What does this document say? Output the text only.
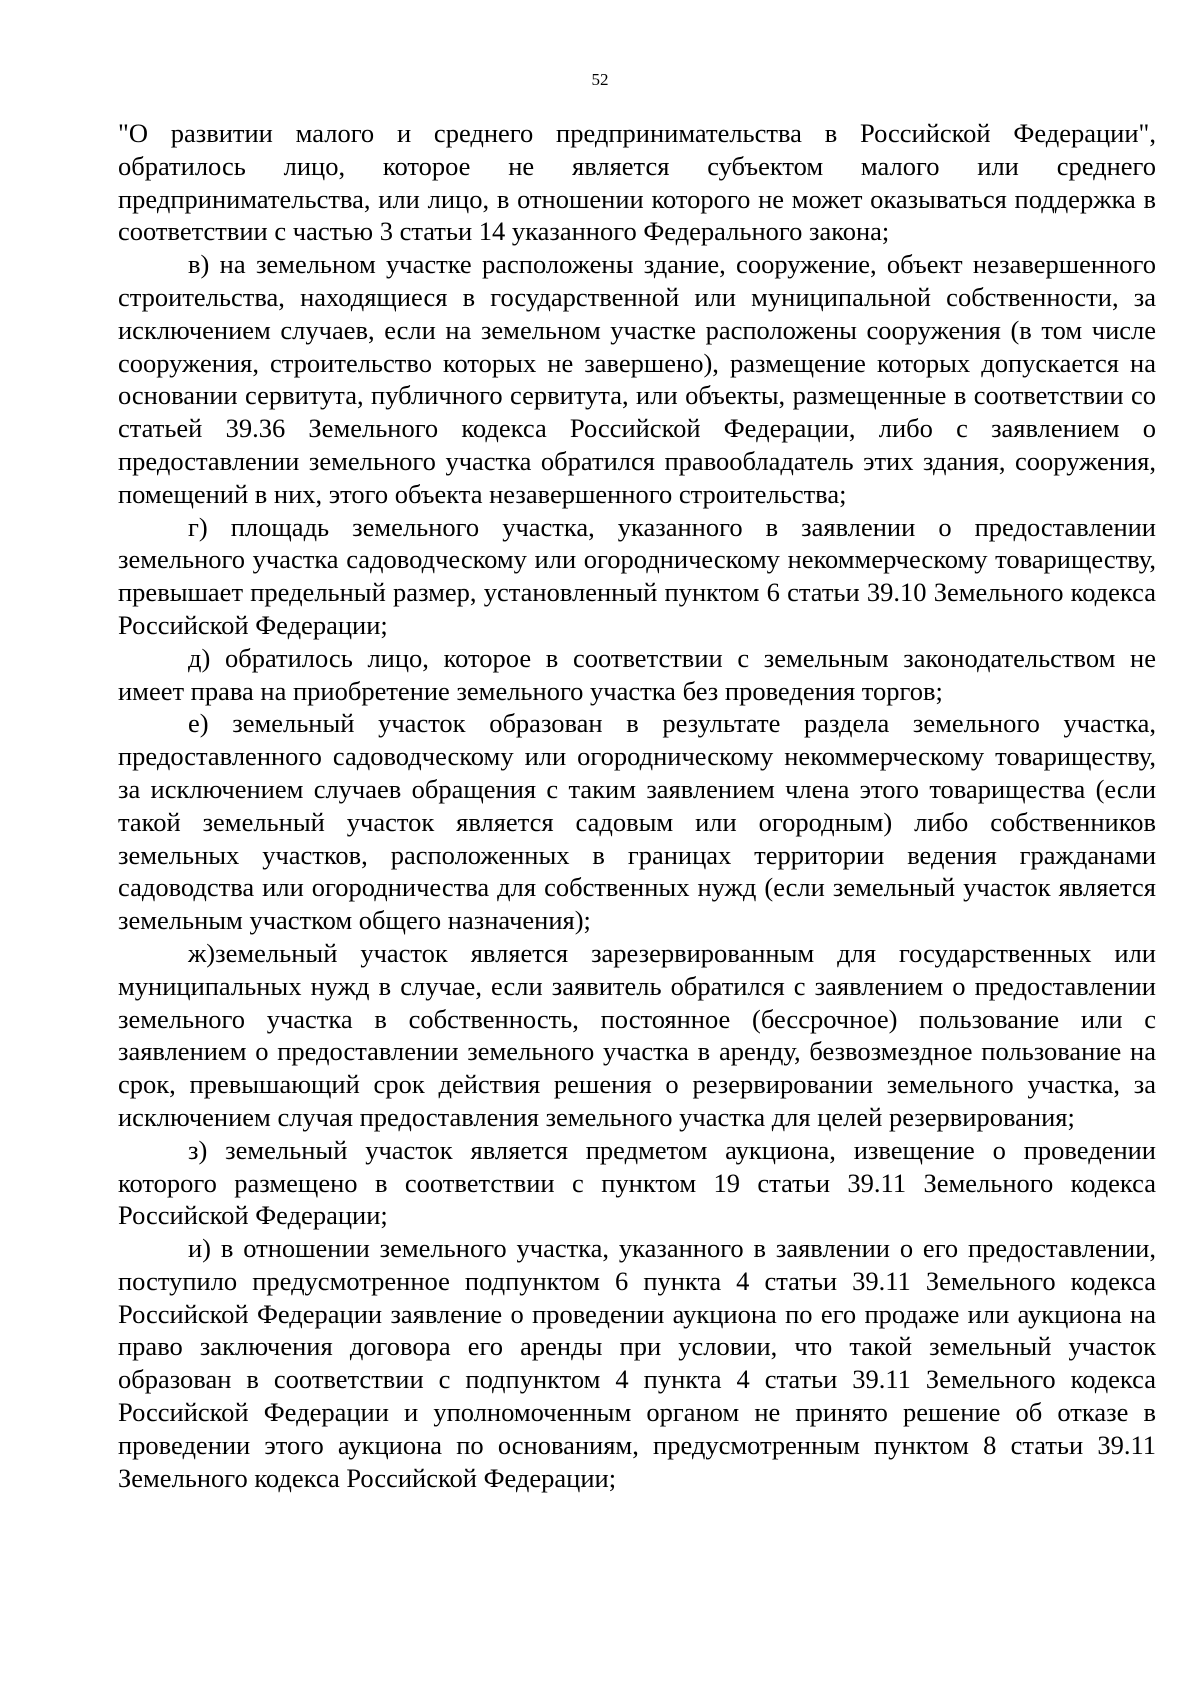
52

"О развитии малого и среднего предпринимательства в Российской Федерации", обратилось лицо, которое не является субъектом малого или среднего предпринимательства, или лицо, в отношении которого не может оказываться поддержка в соответствии с частью 3 статьи 14 указанного Федерального закона;

в) на земельном участке расположены здание, сооружение, объект незавершенного строительства, находящиеся в государственной или муниципальной собственности, за исключением случаев, если на земельном участке расположены сооружения (в том числе сооружения, строительство которых не завершено), размещение которых допускается на основании сервитута, публичного сервитута, или объекты, размещенные в соответствии со статьей 39.36 Земельного кодекса Российской Федерации, либо с заявлением о предоставлении земельного участка обратился правообладатель этих здания, сооружения, помещений в них, этого объекта незавершенного строительства;

г) площадь земельного участка, указанного в заявлении о предоставлении земельного участка садоводческому или огородническому некоммерческому товариществу, превышает предельный размер, установленный пунктом 6 статьи 39.10 Земельного кодекса Российской Федерации;

д) обратилось лицо, которое в соответствии с земельным законодательством не имеет права на приобретение земельного участка без проведения торгов;

е) земельный участок образован в результате раздела земельного участка, предоставленного садоводческому или огородническому некоммерческому товариществу, за исключением случаев обращения с таким заявлением члена этого товарищества (если такой земельный участок является садовым или огородным) либо собственников земельных участков, расположенных в границах территории ведения гражданами садоводства или огородничества для собственных нужд (если земельный участок является земельным участком общего назначения);

ж)земельный участок является зарезервированным для государственных или муниципальных нужд в случае, если заявитель обратился с заявлением о предоставлении земельного участка в собственность, постоянное (бессрочное) пользование или с заявлением о предоставлении земельного участка в аренду, безвозмездное пользование на срок, превышающий срок действия решения о резервировании земельного участка, за исключением случая предоставления земельного участка для целей резервирования;

з) земельный участок является предметом аукциона, извещение о проведении которого размещено в соответствии с пунктом 19 статьи 39.11 Земельного кодекса Российской Федерации;

и) в отношении земельного участка, указанного в заявлении о его предоставлении, поступило предусмотренное подпунктом 6 пункта 4 статьи 39.11 Земельного кодекса Российской Федерации заявление о проведении аукциона по его продаже или аукциона на право заключения договора его аренды при условии, что такой земельный участок образован в соответствии с подпунктом 4 пункта 4 статьи 39.11 Земельного кодекса Российской Федерации и уполномоченным органом не принято решение об отказе в проведении этого аукциона по основаниям, предусмотренным пунктом 8 статьи 39.11 Земельного кодекса Российской Федерации;
